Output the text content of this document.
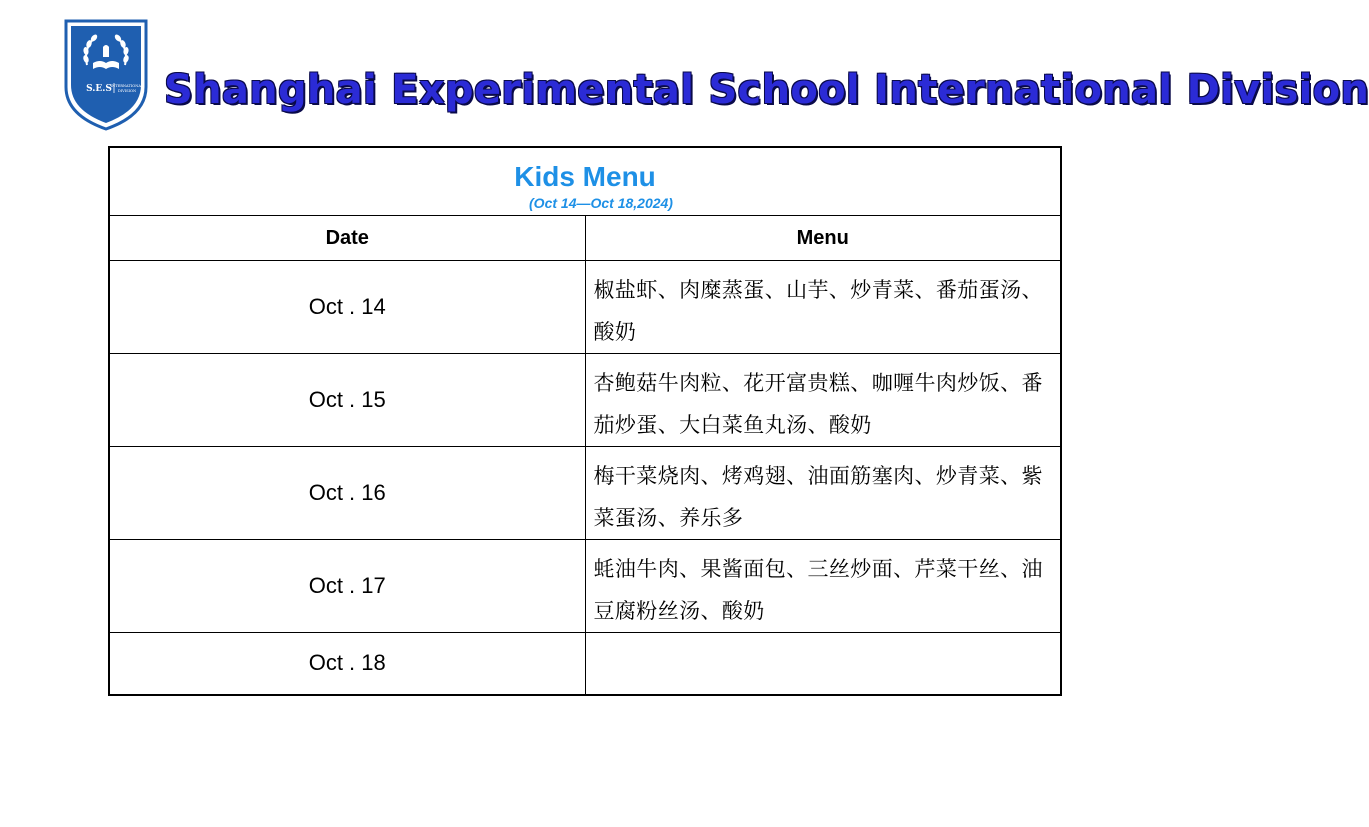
S.E.S
INTERNATIONAL
DIVISION Shanghai Experimental School International Division
Kids Menu
(Oct 14—Oct 18,2024)	

Date	Menu
Oct . 14	椒盐虾、肉糜蒸蛋、山芋、炒青菜、番茄蛋汤、酸奶
Oct . 15	杏鲍菇牛肉粒、花开富贵糕、咖喱牛肉炒饭、番茄炒蛋、大白菜鱼丸汤、酸奶
Oct . 16	梅干菜烧肉、烤鸡翅、油面筋塞肉、炒青菜、紫菜蛋汤、养乐多
Oct . 17	蚝油牛肉、果酱面包、三丝炒面、芹菜干丝、油豆腐粉丝汤、酸奶
Oct . 18	
